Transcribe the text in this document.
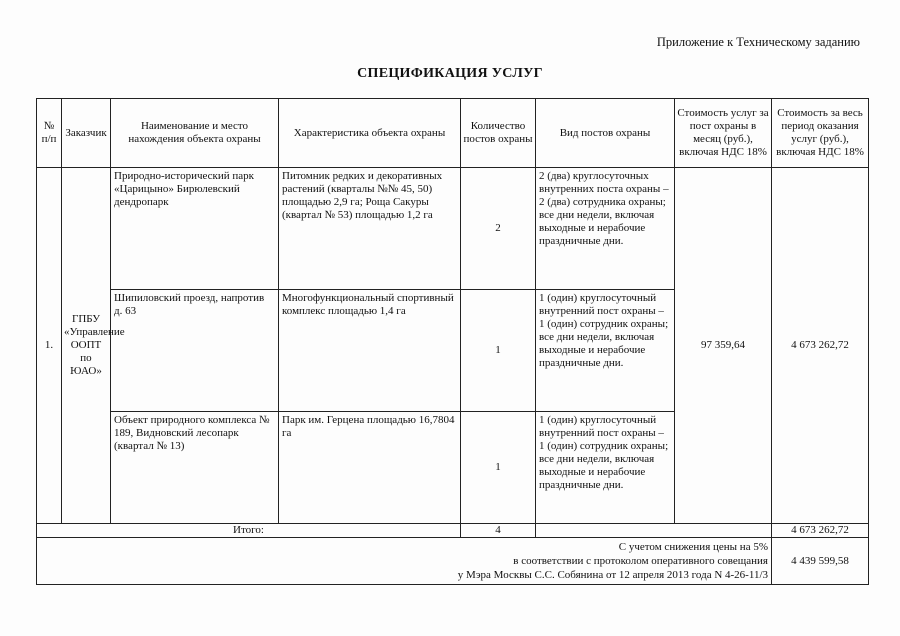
Приложение к Техническому заданию
СПЕЦИФИКАЦИЯ УСЛУГ
№ п/п	Заказчик	Наименование и место нахождения объекта охраны	Характеристика объекта охраны	Количество постов охраны	Вид постов охраны	Стоимость услуг за пост охраны в месяц (руб.), включая НДС 18%	Стоимость за весь период оказания услуг (руб.), включая НДС 18%
1.	ГПБУ «Управление ООПТ по ЮАО»	Природно-исторический парк «Царицыно» Бирюлевский дендропарк	Питомник редких и декоративных растений (кварталы №№ 45, 50) площадью 2,9 га; Роща Сакуры (квартал № 53) площадью 1,2 га	2	2 (два) круглосуточных внутренних поста охраны – 2 (два) сотрудника охраны; все дни недели, включая выходные и нерабочие праздничные дни.	97 359,64	4 673 262,72
		Шипиловский проезд, напротив д. 63	Многофункциональный спортивный комплекс площадью 1,4 га	1	1 (один) круглосуточный внутренний пост охраны – 1 (один) сотрудник охраны; все дни недели, включая выходные и нерабочие праздничные дни.		
		Объект природного комплекса № 189, Видновский лесопарк (квартал № 13)	Парк им. Герцена площадью 16,7804 га	1	1 (один) круглосуточный внутренний пост охраны – 1 (один) сотрудник охраны; все дни недели, включая выходные и нерабочие праздничные дни.		
Итого:				4			4 673 262,72

С учетом снижения цены на 5%
в соответствии с протоколом оперативного совещания
у Мэра Москвы С.С. Собянина от 12 апреля 2013 года N 4-26-11/3							4 439 599,58
